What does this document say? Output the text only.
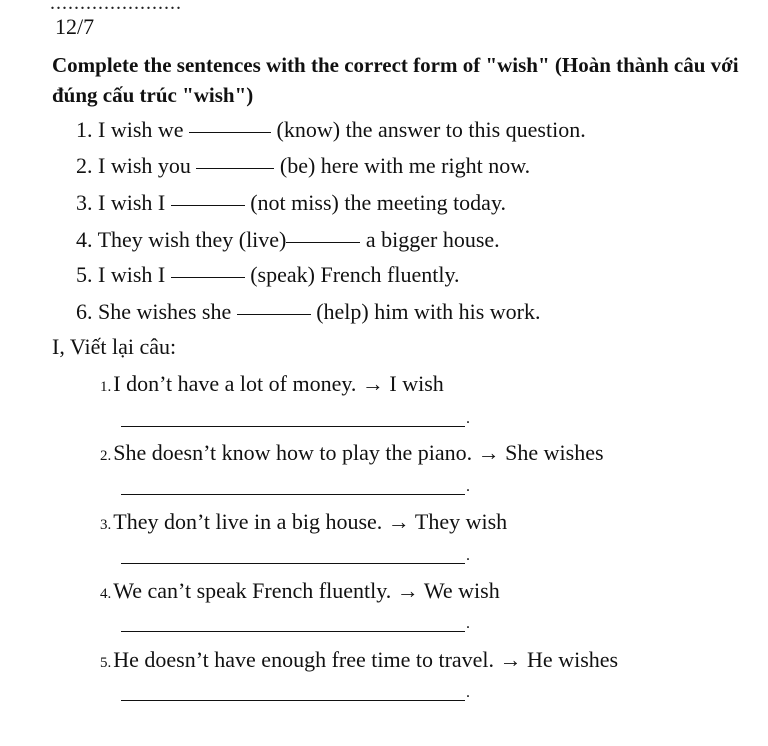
......................
12/7
Complete the sentences with the correct form of "wish" (Hoàn thành câu với đúng cấu trúc "wish")
1. I wish we	(know) the answer to this question.
2. I wish you	(be) here with me right now.
3. I wish I	(not miss) the meeting today.
4. They wish they (live)	a bigger house.
5. I wish I	(speak) French fluently.
6. She wishes she	(help) him with his work.
I, Viết lại câu:
1.I don’t have a lot of money. → I wish
.
2.She doesn’t know how to play the piano. → She wishes
.
3.They don’t live in a big house. → They wish
.
4.We can’t speak French fluently. → We wish
.
5.He doesn’t have enough free time to travel. → He wishes
.
